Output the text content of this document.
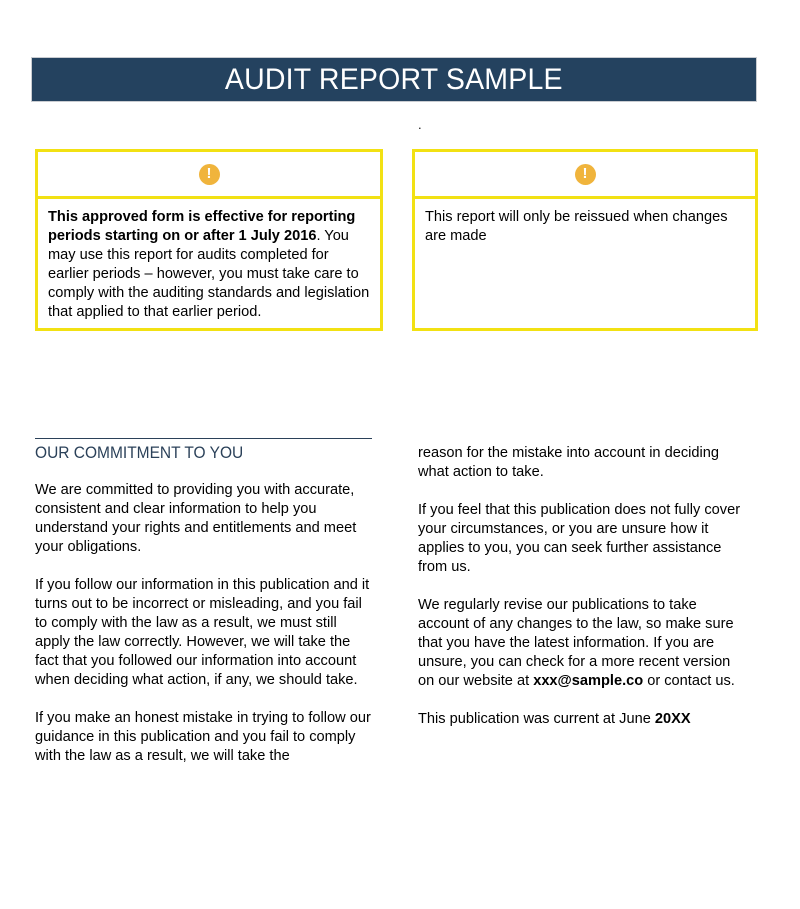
AUDIT REPORT SAMPLE
.
!
This approved form is effective for reporting periods starting on or after 1 July 2016. You may use this report for audits completed for earlier periods – however, you must take care to comply with the auditing standards and legislation that applied to that earlier period.
!
This report will only be reissued when changes are made
OUR COMMITMENT TO YOU

We are committed to providing you with accurate, consistent and clear information to help you understand your rights and entitlements and meet your obligations.

If you follow our information in this publication and it turns out to be incorrect or misleading, and you fail to comply with the law as a result, we must still apply the law correctly. However, we will take the fact that you followed our information into account when deciding what action, if any, we should take.

If you make an honest mistake in trying to follow our guidance in this publication and you fail to comply with the law as a result, we will take the

reason for the mistake into account in deciding what action to take.

If you feel that this publication does not fully cover your circumstances, or you are unsure how it applies to you, you can seek further assistance from us.

We regularly revise our publications to take account of any changes to the law, so make sure that you have the latest information. If you are unsure, you can check for a more recent version on our website at xxx@sample.co or contact us.

This publication was current at June 20XX
